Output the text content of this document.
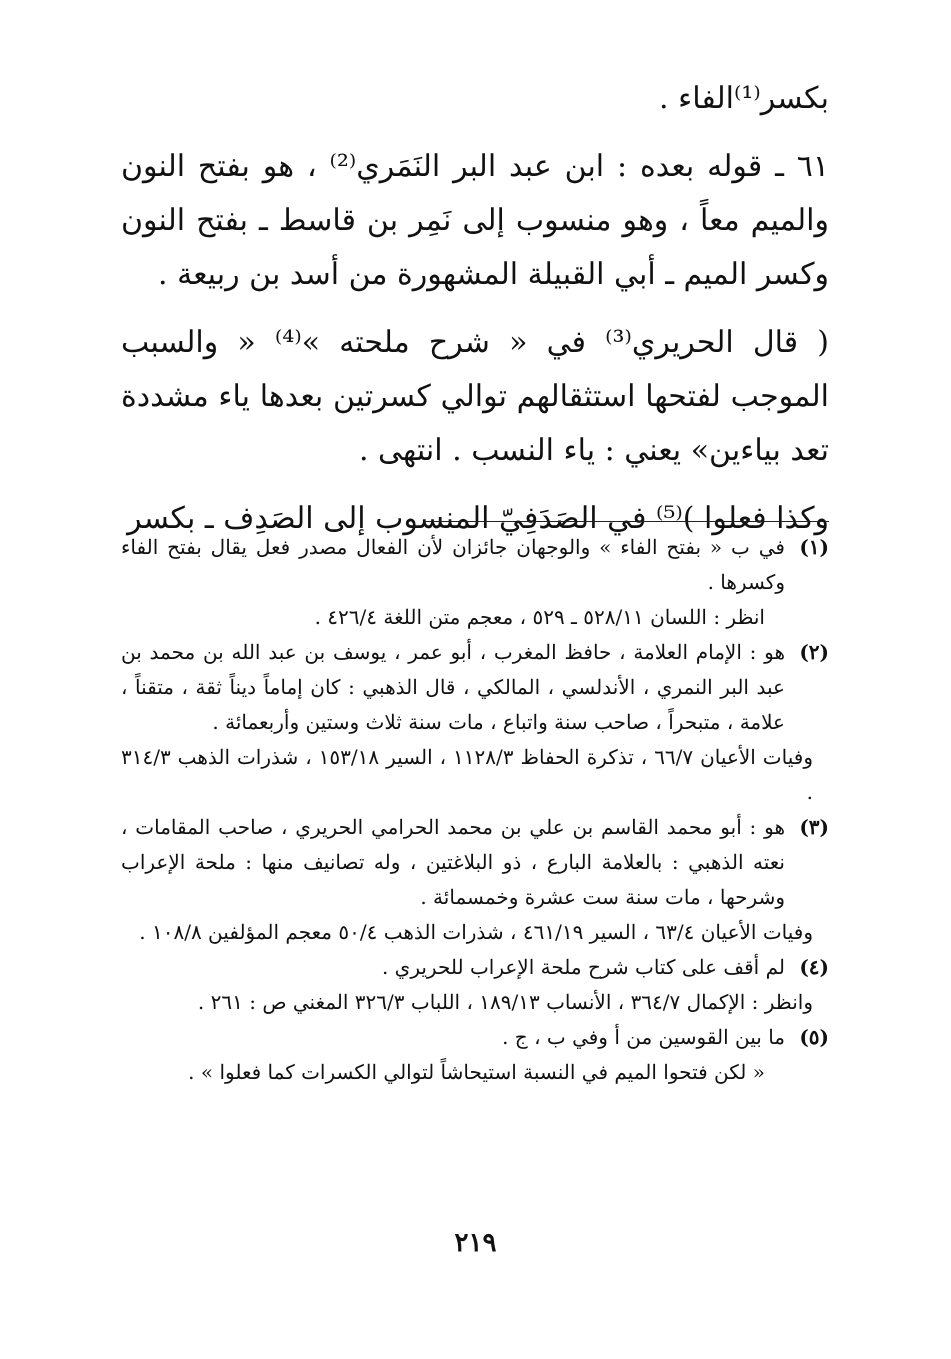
بكسر⁽¹⁾الفاء .

٦١ ـ قوله بعده : ابن عبد البر النَمَري⁽²⁾ ، هو بفتح النون والميم معاً ، وهو منسوب إلى نَمِر بن قاسط ـ بفتح النون وكسر الميم ـ أبي القبيلة المشهورة من أسد بن ربيعة .

( قال الحريري⁽³⁾ في « شرح ملحته »⁽⁴⁾ « والسبب الموجب لفتحها استثقالهم توالي كسرتين بعدها ياء مشددة تعد بياءين» يعني : ياء النسب . انتهى .

وكذا فعلوا )⁽⁵⁾ في الصَدَفِيّ المنسوب إلى الصَدِف ـ بكسر

(١)
في ب « بفتح الفاء » والوجهان جائزان لأن الفعال مصدر فعل يقال بفتح الفاء وكسرها .
انظر : اللسان ٥٢٨/١١ ـ ٥٢٩ ، معجم متن اللغة ٤٢٦/٤ .
(٢)
هو : الإمام العلامة ، حافظ المغرب ، أبو عمر ، يوسف بن عبد الله بن محمد بن عبد البر النمري ، الأندلسي ، المالكي ، قال الذهبي : كان إماماً ديناً ثقة ، متقناً ، علامة ، متبحراً ، صاحب سنة واتباع ، مات سنة ثلاث وستين وأربعمائة .
وفيات الأعيان ٦٦/٧ ، تذكرة الحفاظ ١١٢٨/٣ ، السير ١٥٣/١٨ ، شذرات الذهب ٣١٤/٣ .
(٣)
هو : أبو محمد القاسم بن علي بن محمد الحرامي الحريري ، صاحب المقامات ، نعته الذهبي : بالعلامة البارع ، ذو البلاغتين ، وله تصانيف منها : ملحة الإعراب وشرحها ، مات سنة ست عشرة وخمسمائة .
وفيات الأعيان ٦٣/٤ ، السير ٤٦١/١٩ ، شذرات الذهب ٥٠/٤ معجم المؤلفين ١٠٨/٨ .
(٤)
لم أقف على كتاب شرح ملحة الإعراب للحريري .
وانظر : الإكمال ٣٦٤/٧ ، الأنساب ١٨٩/١٣ ، اللباب ٣٢٦/٣ المغني ص : ٢٦١ .
(٥)
ما بين القوسين من أ وفي ب ، ج .
« لكن فتحوا الميم في النسبة استيحاشاً لتوالي الكسرات كما فعلوا » .
٢١٩
